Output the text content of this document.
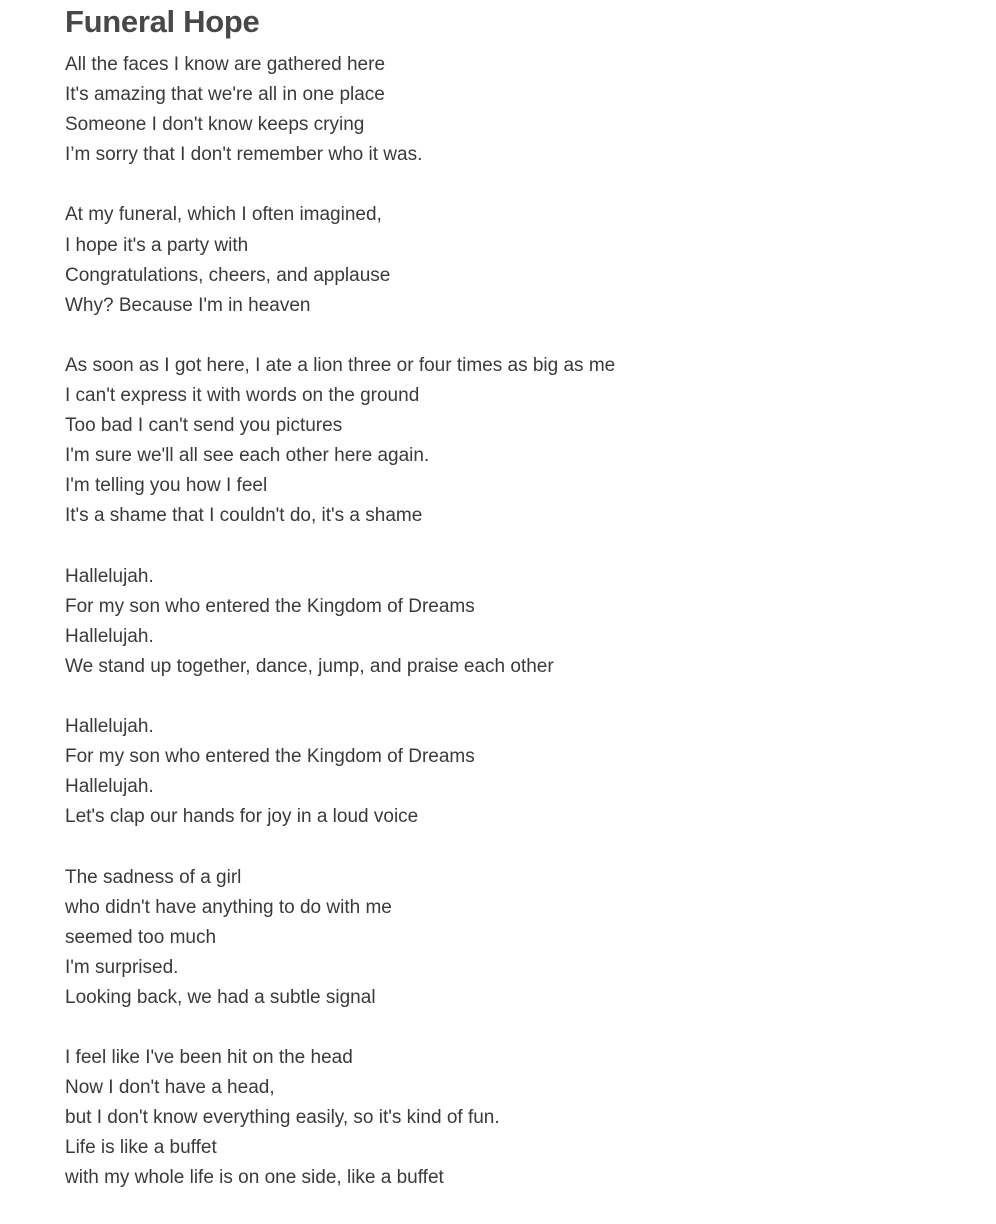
Funeral Hope
All the faces I know are gathered here
It's amazing that we're all in one place
Someone I don't know keeps crying
I’m sorry that I don't remember who it was.
At my funeral, which I often imagined,
I hope it's a party with
Congratulations, cheers, and applause
Why? Because I'm in heaven
As soon as I got here, I ate a lion three or four times as big as me
I can't express it with words on the ground
Too bad I can't send you pictures
I'm sure we'll all see each other here again.
I'm telling you how I feel
It's a shame that I couldn't do, it's a shame
Hallelujah.
For my son who entered the Kingdom of Dreams
Hallelujah.
We stand up together, dance, jump, and praise each other
Hallelujah.
For my son who entered the Kingdom of Dreams
Hallelujah.
Let's clap our hands for joy in a loud voice
The sadness of a girl
who didn't have anything to do with me
seemed too much
I'm surprised.
Looking back, we had a subtle signal
I feel like I've been hit on the head
Now I don't have a head,
but I don't know everything easily, so it's kind of fun.
Life is like a buffet
with my whole life is on one side, like a buffet
